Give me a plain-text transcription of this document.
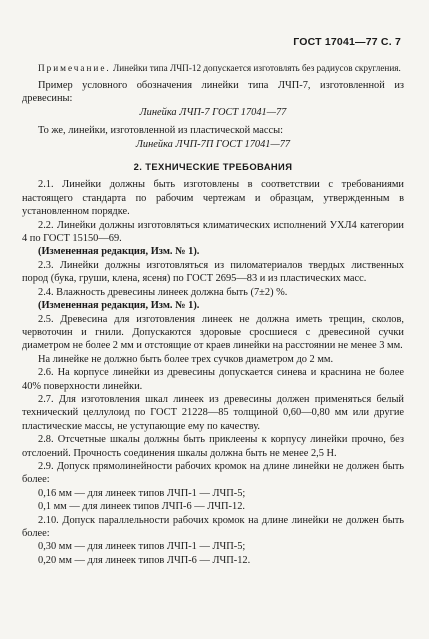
ГОСТ 17041—77 С. 7

Примечание. Линейки типа ЛЧП-12 допускается изготовлять без радиусов скругления.

Пример условного обозначения линейки типа ЛЧП-7, изготовленной из древесины:

Линейка ЛЧП-7 ГОСТ 17041—77

То же, линейки, изготовленной из пластической массы:

Линейка ЛЧП-7П ГОСТ 17041—77

2. ТЕХНИЧЕСКИЕ ТРЕБОВАНИЯ

2.1. Линейки должны быть изготовлены в соответствии с требованиями настоящего стандарта по рабочим чертежам и образцам, утвержденным в установленном порядке.

2.2. Линейки должны изготовляться климатических исполнений УХЛ4 категории 4 по ГОСТ 15150—69.

(Измененная редакция, Изм. № 1).

2.3. Линейки должны изготовляться из пиломатериалов твердых лиственных пород (бука, груши, клена, ясеня) по ГОСТ 2695—83 и из пластических масс.

2.4. Влажность древесины линеек должна быть (7±2) %.

(Измененная редакция, Изм. № 1).

2.5. Древесина для изготовления линеек не должна иметь трещин, сколов, червоточин и гнили. Допускаются здоровые сросшиеся с древесиной сучки диаметром не более 2 мм и отстоящие от краев линейки на расстоянии не менее 3 мм.

На линейке не должно быть более трех сучков диаметром до 2 мм.

2.6. На корпусе линейки из древесины допускается синева и краснина не более 40% поверхности линейки.

2.7. Для изготовления шкал линеек из древесины должен применяться белый технический целлулоид по ГОСТ 21228—85 толщиной 0,60—0,80 мм или другие пластические массы, не уступающие ему по качеству.

2.8. Отсчетные шкалы должны быть приклеены к корпусу линейки прочно, без отслоений. Прочность соединения шкалы должна быть не менее 2,5 Н.

2.9. Допуск прямолинейности рабочих кромок на длине линейки не должен быть более:

0,16 мм — для линеек типов ЛЧП-1 — ЛЧП-5;

0,1 мм — для линеек типов ЛЧП-6 — ЛЧП-12.

2.10. Допуск параллельности рабочих кромок на длине линейки не должен быть более:

0,30 мм — для линеек типов ЛЧП-1 — ЛЧП-5;

0,20 мм — для линеек типов ЛЧП-6 — ЛЧП-12.
